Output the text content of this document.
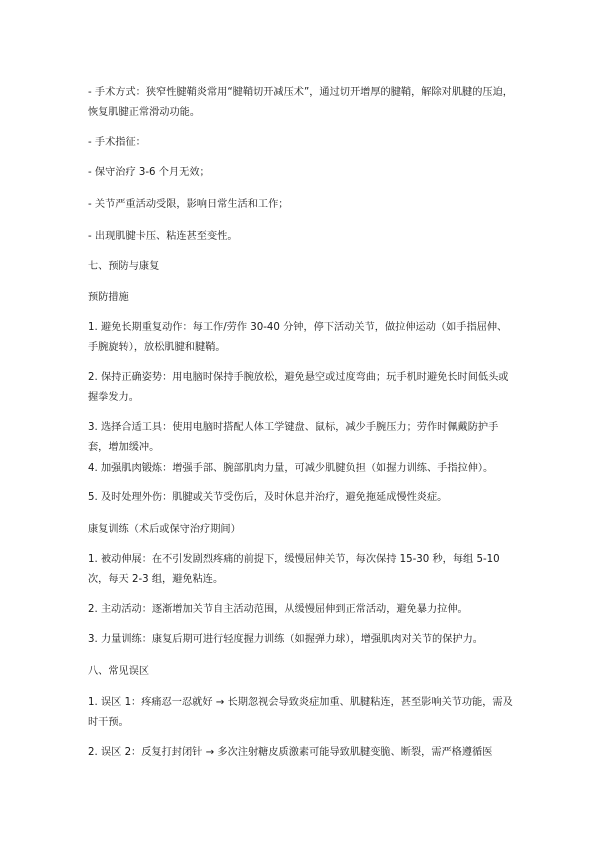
- 手术方式：狭窄性腱鞘炎常用“腱鞘切开减压术”，通过切开增厚的腱鞘，解除对肌腱的压迫，恢复肌腱正常滑动功能。

- 手术指征：

- 保守治疗 3-6 个月无效；

- 关节严重活动受限，影响日常生活和工作；

- 出现肌腱卡压、粘连甚至变性。

七、预防与康复

预防措施

1. 避免长期重复动作：每工作/劳作 30-40 分钟，停下活动关节，做拉伸运动（如手指屈伸、手腕旋转），放松肌腱和腱鞘。

2. 保持正确姿势：用电脑时保持手腕放松，避免悬空或过度弯曲；玩手机时避免长时间低头或握拳发力。

3. 选择合适工具：使用电脑时搭配人体工学键盘、鼠标，减少手腕压力；劳作时佩戴防护手套，增加缓冲。

4. 加强肌肉锻炼：增强手部、腕部肌肉力量，可减少肌腱负担（如握力训练、手指拉伸）。

5. 及时处理外伤：肌腱或关节受伤后，及时休息并治疗，避免拖延成慢性炎症。

康复训练（术后或保守治疗期间）

1. 被动伸展：在不引发剧烈疼痛的前提下，缓慢屈伸关节，每次保持 15-30 秒，每组 5-10 次，每天 2-3 组，避免粘连。

2. 主动活动：逐渐增加关节自主活动范围，从缓慢屈伸到正常活动，避免暴力拉伸。

3. 力量训练：康复后期可进行轻度握力训练（如握弹力球），增强肌肉对关节的保护力。

八、常见误区

1. 误区 1：疼痛忍一忍就好 → 长期忽视会导致炎症加重、肌腱粘连，甚至影响关节功能，需及时干预。

2. 误区 2：反复打封闭针 → 多次注射糖皮质激素可能导致肌腱变脆、断裂，需严格遵循医
